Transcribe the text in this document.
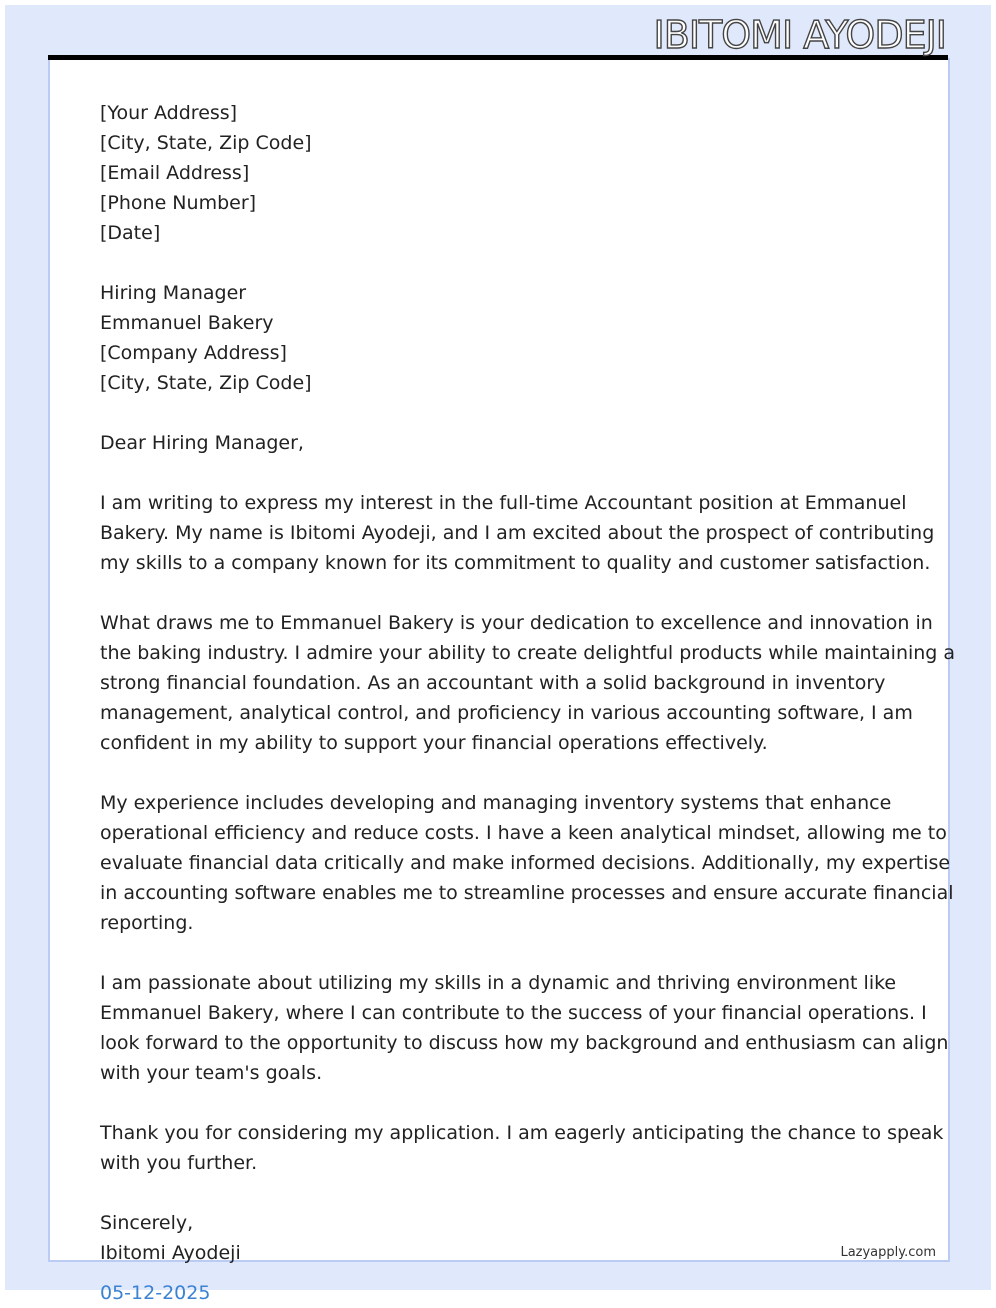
IBITOMI AYODEJI
[Your Address]
[City, State, Zip Code]
[Email Address]
[Phone Number]
[Date]
Hiring Manager
Emmanuel Bakery
[Company Address]
[City, State, Zip Code]
Dear Hiring Manager,
I am writing to express my interest in the full-time Accountant position at Emmanuel
Bakery. My name is Ibitomi Ayodeji, and I am excited about the prospect of contributing
my skills to a company known for its commitment to quality and customer satisfaction.
What draws me to Emmanuel Bakery is your dedication to excellence and innovation in
the baking industry. I admire your ability to create delightful products while maintaining a
strong financial foundation. As an accountant with a solid background in inventory
management, analytical control, and proficiency in various accounting software, I am
confident in my ability to support your financial operations effectively.
My experience includes developing and managing inventory systems that enhance
operational efficiency and reduce costs. I have a keen analytical mindset, allowing me to
evaluate financial data critically and make informed decisions. Additionally, my expertise
in accounting software enables me to streamline processes and ensure accurate financial
reporting.
I am passionate about utilizing my skills in a dynamic and thriving environment like
Emmanuel Bakery, where I can contribute to the success of your financial operations. I
look forward to the opportunity to discuss how my background and enthusiasm can align
with your team's goals.
Thank you for considering my application. I am eagerly anticipating the chance to speak
with you further.
Sincerely,
Ibitomi Ayodeji	Lazyapply.com
05-12-2025
